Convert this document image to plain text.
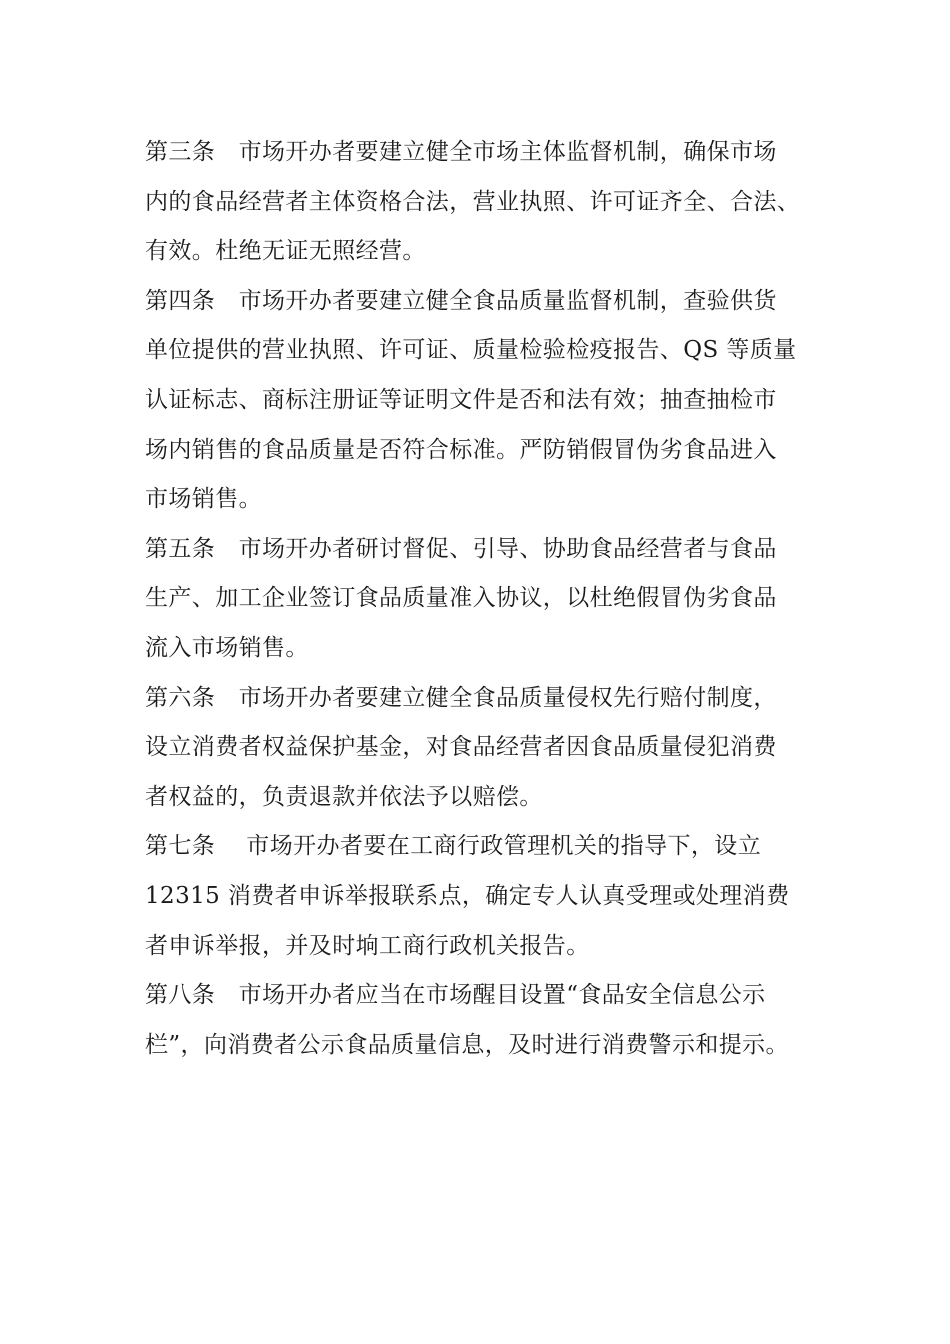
第三条　市场开办者要建立健全市场主体监督机制，确保市场
内的食品经营者主体资格合法，营业执照、许可证齐全、合法、
有效。杜绝无证无照经营。
第四条　市场开办者要建立健全食品质量监督机制，查验供货
单位提供的营业执照、许可证、质量检验检疫报告、QS 等质量
认证标志、商标注册证等证明文件是否和法有效；抽查抽检市
场内销售的食品质量是否符合标准。严防销假冒伪劣食品进入
市场销售。
第五条　市场开办者研讨督促、引导、协助食品经营者与食品
生产、加工企业签订食品质量准入协议，以杜绝假冒伪劣食品
流入市场销售。
第六条　市场开办者要建立健全食品质量侵权先行赔付制度，
设立消费者权益保护基金，对食品经营者因食品质量侵犯消费
者权益的，负责退款并依法予以赔偿。
第七条　 市场开办者要在工商行政管理机关的指导下，设立
12315 消费者申诉举报联系点，确定专人认真受理或处理消费
者申诉举报，并及时垧工商行政机关报告。
第八条　市场开办者应当在市场醒目设置“食品安全信息公示
栏”，向消费者公示食品质量信息，及时进行消费警示和提示。
